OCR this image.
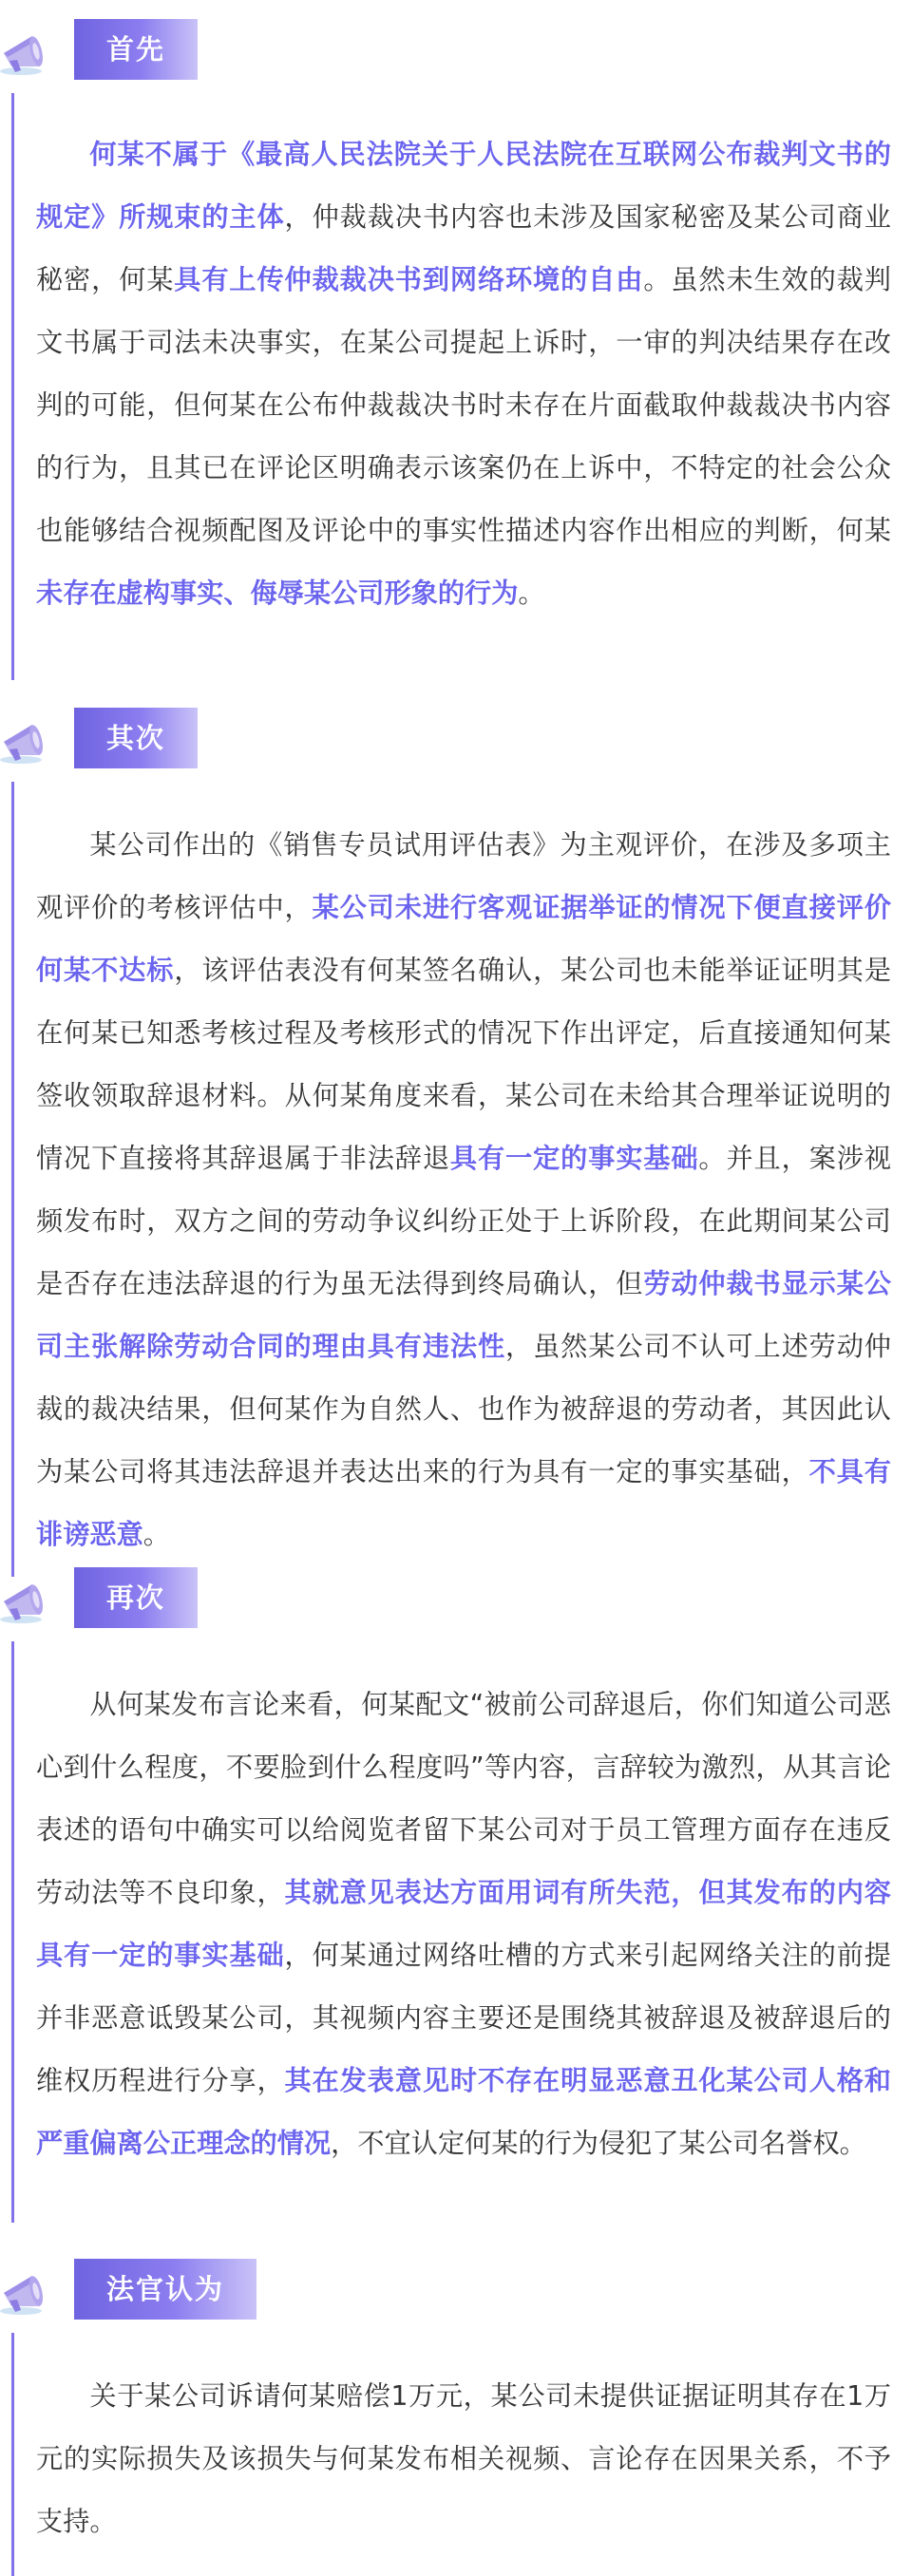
首先

何某不属于《最高人民法院关于人民法院在互联网公布裁判文书的规定》所规束的主体，仲裁裁决书内容也未涉及国家秘密及某公司商业秘密，何某具有上传仲裁裁决书到网络环境的自由。虽然未生效的裁判文书属于司法未决事实，在某公司提起上诉时，一审的判决结果存在改判的可能，但何某在公布仲裁裁决书时未存在片面截取仲裁裁决书内容的行为，且其已在评论区明确表示该案仍在上诉中，不特定的社会公众也能够结合视频配图及评论中的事实性描述内容作出相应的判断，何某未存在虚构事实、侮辱某公司形象的行为。

其次

某公司作出的《销售专员试用评估表》为主观评价，在涉及多项主观评价的考核评估中，某公司未进行客观证据举证的情况下便直接评价何某不达标，该评估表没有何某签名确认，某公司也未能举证证明其是在何某已知悉考核过程及考核形式的情况下作出评定，后直接通知何某签收领取辞退材料。从何某角度来看，某公司在未给其合理举证说明的情况下直接将其辞退属于非法辞退具有一定的事实基础。并且，案涉视频发布时，双方之间的劳动争议纠纷正处于上诉阶段，在此期间某公司是否存在违法辞退的行为虽无法得到终局确认，但劳动仲裁书显示某公司主张解除劳动合同的理由具有违法性，虽然某公司不认可上述劳动仲裁的裁决结果，但何某作为自然人、也作为被辞退的劳动者，其因此认为某公司将其违法辞退并表达出来的行为具有一定的事实基础，不具有诽谤恶意。

再次

从何某发布言论来看，何某配文“被前公司辞退后，你们知道公司恶心到什么程度，不要脸到什么程度吗”等内容，言辞较为激烈，从其言论表述的语句中确实可以给阅览者留下某公司对于员工管理方面存在违反劳动法等不良印象，其就意见表达方面用词有所失范，但其发布的内容具有一定的事实基础，何某通过网络吐槽的方式来引起网络关注的前提并非恶意诋毁某公司，其视频内容主要还是围绕其被辞退及被辞退后的维权历程进行分享，其在发表意见时不存在明显恶意丑化某公司人格和严重偏离公正理念的情况，不宜认定何某的行为侵犯了某公司名誉权。

法官认为

关于某公司诉请何某赔偿1万元，某公司未提供证据证明其存在1万元的实际损失及该损失与何某发布相关视频、言论存在因果关系，不予支持。
